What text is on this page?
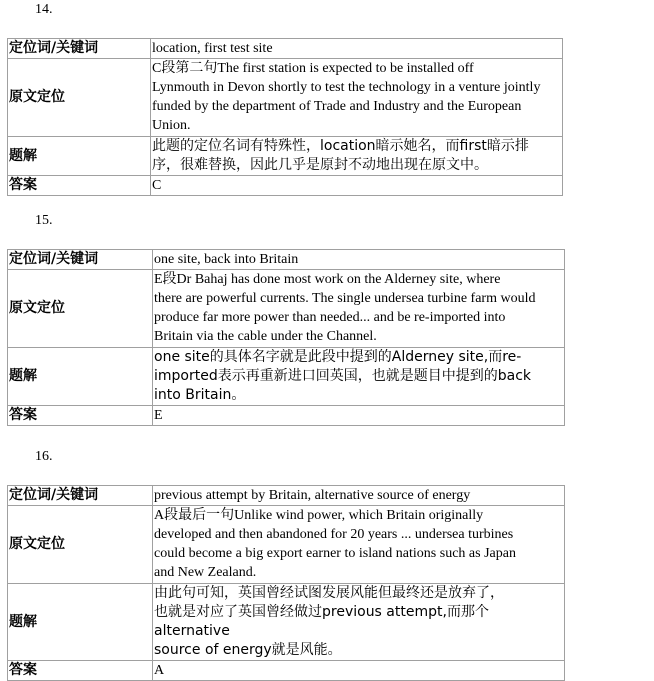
14.
定位词/关键词	location, first test site

原文定位	C段第二句The first station is expected to be installed off
Lynmouth in Devon shortly to test the technology in a venture jointly
funded by the department of Trade and Industry and the European
Union.

题解	此题的定位名词有特殊性，location暗示她名，而first暗示排
序，很难替换，因此几乎是原封不动地出现在原文中。

答案	C
15.
定位词/关键词	one site, back into Britain

原文定位	E段Dr Bahaj has done most work on the Alderney site, where
there are powerful currents. The single undersea turbine farm would
produce far more power than needed... and be re-imported into
Britain via the cable under the Channel.

题解	one site的具体名字就是此段中提到的Alderney site,而re-
imported表示再重新进口回英国，也就是题目中提到的back
into Britain。

答案	E
16.
定位词/关键词	previous attempt by Britain, alternative source of energy

原文定位	A段最后一句Unlike wind power, which Britain originally
developed and then abandoned for 20 years ... undersea turbines
could become a big export earner to island nations such as Japan
and New Zealand.

题解	由此句可知，英国曾经试图发展风能但最终还是放弃了，
也就是对应了英国曾经做过previous attempt,而那个alternative
source of energy就是风能。

答案	A
